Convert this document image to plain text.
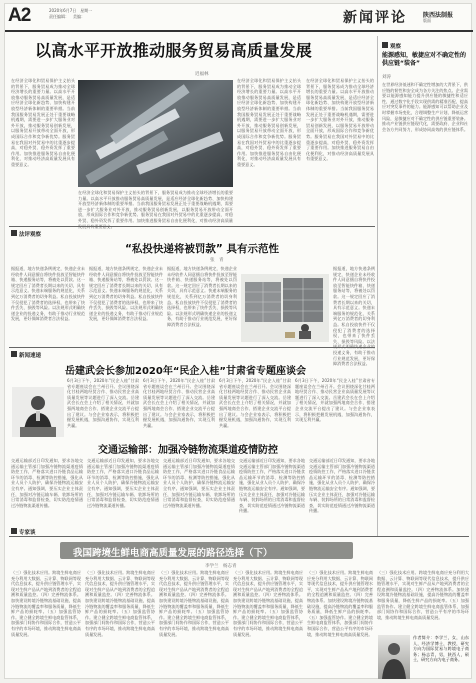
A2	2020年6月7日　星期一
责任编辑：　美编：	新闻评论	陕西法制报
版面
以高水平开放推动服务贸易高质量发展
迟福林
在经济全球化和贸易保护主义抬头的背景下，服务贸易成为推动全球经济增长的重要力量。以高水平开放推动服务贸易高质量发展，是适应经济全球化新趋势、加快构建开放型经济新体制的重要举措。当前我国服务贸易发展正处于重要战略机遇期，需要进一步扩大服务业对外开放，推动服务贸易创新发展，以服务贸易开放带动全面开放，形成国际合作和竞争新优势。服务贸易在我国对外贸易中的比重逐步提高，对稳外贸、稳外资发挥了重要作用。加快推进服务贸易自由化便利化，对推动经济高质量发展具有重要意义。
在经济全球化和贸易保护主义抬头的背景下，服务贸易成为推动全球经济增长的重要力量。以高水平开放推动服务贸易高质量发展，是适应经济全球化新趋势、加快构建开放型经济新体制的重要举措。当前我国服务贸易发展正处于重要战略机遇期，需要进一步扩大服务业对外开放，推动服务贸易创新发展，以服务贸易开放带动全面开放，形成国际合作和竞争新优势。服务贸易在我国对外贸易中的比重逐步提高，对稳外贸、稳外资发挥了重要作用。加快推进服务贸易自由化便利化，对推动经济高质量
在经济全球化和贸易保护主义抬头的背景下，服务贸易成为推动全球经济增长的重要力量。以高水平开放推动服务贸易高质量发展，是适应经济全球化新趋势、加快构建开放型经济新体制的重要举措。当前我国服务贸易发展正处于重要战略机遇期，需要进一步扩大服务业对外开放，推动服务贸易创新发展，以服务贸易开放带动全面开放，形成国际合作和竞争新优势。服务贸易在我国对外贸易中的比重逐步提高，对稳外贸、稳外资发挥了重要作用。加快推进服务贸易自由化便利化，对推动经济高质量发展具有重要意义。
在经济全球化和贸易保护主义抬头的背景下，服务贸易成为推动全球经济增长的重要力量。以高水平开放推动服务贸易高质量发展，是适应经济全球化新趋势、加快构建开放型经济新体制的重要举措。当前我国服务贸易发展正处于重要战略机遇期，需要进一步扩大服务业对外开放，推动服务贸易创新发展，以服务贸易开放带动全面开放，形成国际合作和竞争新优势。服务贸易在我国对外贸易中的比重逐步提高，对稳外贸、稳外资发挥了重要作用。加快推进服务贸易自由化便利化，对推动经济高质量发展具有重要意义。
观察
能源感知，敏捷应对不确定性的供应链“装备”
刘涛
在世界经济低迷和不确定性增加的大背景下，供应链的韧性和安全成为各方关注的焦点。企业需要以能源感知能力提升供应链的敏捷性和适应性，通过数字化手段实现供需的精准匹配，提高应对突发事件的能力。能源感知可以帮助企业及时掌握市场变化，合理调整生产计划，降低运营风险，是敏捷应对不确定性的供应链重要装备。推动产业链供应链现代化，需要政府、企业和社会各方共同努力，形成协同高效的供应链体系。
法评观察
“私投快递将被罚款” 具有示范性
张　青
据报道，地方快递条例规定，快递企业未经收件人同意擅自将快件投放至智能快件箱、快递服务站等，将被处以罚款。这一规定回应了消费者长期以来的关切，具有示范意义。快递末端服务的规范化，关系到亿万消费者的切身利益。私自投放快件不仅侵犯了消费者的选择权，也带来了快件丢失、损毁等风险。以法规形式明确快递企业的投递义务，有助于推动行业规范发展，更好保障消费者合法权益。
据报道，地方快递条例规定，快递企业未经收件人同意擅自将快件投放至智能快件箱、快递服务站等，将被处以罚款。这一规定回应了消费者长期以来的关切，具有示范意义。快递末端服务的规范化，关系到亿万消费者的切身利益。私自投放快件不仅侵犯了消费者的选择权，也带来了快件丢失、损毁等风险。以法规形式明确快递企业的投递义务，有助于推动行业规范发展，更好保障消费者合法权益。
据报道，地方快递条例规定，快递企业未经收件人同意擅自将快件投放至智能快件箱、快递服务站等，将被处以罚款。这一规定回应了消费者长期以来的关切，具有示范意义。快递末端服务的规范化，关系到亿万消费者的切身利益。私自投放快件不仅侵犯了消费者的选择权，也带来了快件丢失、损毁等风险。以法规形式明确快递企业的投递义务，有助于推动行业规范发展，更好保障消费者合法权益。
据报道，地方快递条例规定，快递企业未经收件人同意擅自将快件投放至智能快件箱、快递服务站等，将被处以罚款。这一规定回应了消费者长期以来的关切，具有示范意义。快递末端服务的规范化，关系到亿万消费者的切身利益。私自投放快件不仅侵犯了消费者的选择权，也带来了快件丢失、损毁等风险。以法 投递义务，有助于推动行业规范发展，更好保障消费者合法权益。
新闻速递
岳建武会长参加2020年“民企入桂”甘肃省专题座谈会
6月3日下午，2020年“民企入桂”甘肃省专题座谈会在兰州召开。会议围绕深化甘桂两地经贸合作、推动民营企业高质量发展等议题进行了深入交流。岳建武会长在会上介绍了相关情况，并就加强两地商会合作、搭建企业交流平台提出了建议。与会企业家表示，将积极把握发展机遇，加强沟通协作，实现互利共赢。
6月3日下午，2020年“民企入桂”甘肃省专题座谈会在兰州召开。会议围绕深化甘桂两地经贸合作、推动民营企业高质量发展等议题进行了深入交流。岳建武会长在会上介绍了相关情况，并就加强两地商会合作、搭建企业交流平台提出了建议。与会企业家表示，将积极把握发展机遇，加强沟通协作，实现互利共赢。
6月3日下午，2020年“民企入桂”甘肃省专题座谈会在兰州召开。会议围绕深化甘桂两地经贸合作、推动民营企业高质量发展等议题进行了深入交流。岳建武会长在会上介绍了相关情况，并就加强两地商会合作、搭建企业交流平台提出了建议。与会企业家表示，将积极把握发展机遇，加强沟通协作，实现互利共赢。
6月3日下午，2020年“民企入桂”甘肃省专题座谈会在兰州召开。会议围绕深化甘桂两地经贸合作、推动民营企业高质量发展等议题进行了深入交流。岳建武会长在会上介绍了相关情况，并就加强两地商会合作、搭建企业交流平台提出了建议。与会企业家表示，将积极把握发展机遇，加强沟通协作，实现互利共赢。
交通运输部：加强冷链物流渠道疫情防控
交通运输部近日印发通知，要求各地交通运输主管部门加强冷链物流渠道疫情防控工作，严格落实进口冷链食品运输环节的消毒、检测等防控措施，强化从业人员个人防护，确保冷链物流运输安全有序。通知强调，要压实企业主体责任，加强对冷链运输车辆、装卸场所的日常消毒和监督检查，切实防范疫情通过冷链物流渠道传播。
交通运输部近日印发通知，要求各地交通运输主管部门加强冷链物流渠道疫情防控工作，严格落实进口冷链食品运输环节的消毒、检测等防控措施，强化从业人员个人防护，确保冷链物流运输安全有序。通知强调，要压实企业主体责任，加强对冷链运输车辆、装卸场所的日常消毒和监督检查，切实防范疫情通过冷链物流渠道传播。
交通运输部近日印发通知，要求各地交通运输主管部门加强冷链物流渠道疫情防控工作，严格落实进口冷链食品运输环节的消毒、检测等防控措施，强化从业人员个人防护，确保冷链物流运输安全有序。通知强调，要压实企业主体责任，加强对冷链运输车辆、装卸场所的日常消毒和监督检查，切实防范疫情通过冷链物流渠道传播。
交通运输部近日印发通知，要求各地交通运输主管部门加强冷链物流渠道疫情防控工作，严格落实进口冷链食品运输环节的消毒、检测等防控措施，强化从业人员个人防护，确保冷链物流运输安全有序。通知强调，要压实企业主体责任，加强对冷链运输车辆、装卸场所的日常消毒和监督检查，切实防范疫情通过冷链物流渠道传播。
交通运输部近日印发通知，要求各地交通运输主管部门加强冷链物流渠道疫情防控工作，严格落实进口冷链食品运输环节的消毒、检测等防控措施，强化从业人员个人防护，确保冷链物流运输安全有序。通知强调，要压实企业主体责任，加强对冷链运输车辆、装卸场所的日常消毒和监督检查，切实防范疫情通过冷链物流渠道传播。
专家谈
我国跨境生鲜电商高质量发展的路径选择（下）
李学兰　杨志青
（三）强化技术应用。跨境生鲜电商应充分利用大数据、云计算、物联网等现代信息技术，提升供应链管理水平，实现对生鲜产品从产地到消费者的全程追溯和质量监控。（四）完善物流体系。加快建设跨境冷链物流基础设施，提高冷链物流的覆盖率和服务质量，降低生鲜产品的损耗率。（五）加强监管协作。建立健全跨境生鲜电商监管体系，加强部门间协作和国际合作，营造公平有序的市场环境，推动跨境生鲜电商高质量发展。
（三）强化技术应用。跨境生鲜电商应充分利用大数据、云计算、物联网等现代信息技术，提升供应链管理水平，实现对生鲜产品从产地到消费者的全程追溯和质量监控。（四）完善物流体系。加快建设跨境冷链物流基础设施，提高冷链物流的覆盖率和服务质量，降低生鲜产品的损耗率。（五）加强监管协作。建立健全跨境生鲜电商监管体系，加强部门间协作和国际合作，营造公平有序的市场环境，推动跨境生鲜电商高质量发展。
（三）强化技术应用。跨境生鲜电商应充分利用大数据、云计算、物联网等现代信息技术，提升供应链管理水平，实现对生鲜产品从产地到消费者的全程追溯和质量监控。（四）完善物流体系。加快建设跨境冷链物流基础设施，提高冷链物流的覆盖率和服务质量，降低生鲜产品的损耗率。（五）加强监管协作。建立健全跨境生鲜电商监管体系，加强部门间协作和国际合作，营造公平有序的市场环境，推动跨境生鲜电商高质量发展。
（三）强化技术应用。跨境生鲜电商应充分利用大数据、云计算、物联网等现代信息技术，提升供应链管理水平，实现对生鲜产品从产地到消费者的全程追溯和质量监控。（四）完善物流体系。加快建设跨境冷链物流基础设施，提高冷链物流的覆盖率和服务质量，降低生鲜产品的损耗率。（五）加强监管协作。建立健全跨境生鲜电商监管体系，加强部门间协作和国际合作，营造公平有序的市场环境，推动跨境生鲜电商高质量发展。
（三）强化技术应用。跨境生鲜电商应充分利用大数据、云计算、物联网等现代信息技术，提升供应链管理水平，实现对生鲜产品从产地到消费者的全程追溯和质量监控。（四）完善物流体系。加快建设跨境冷链物流基础设施，提高冷链物流的覆盖率和服务质量，降低生鲜产品的损耗率。（五）加强监管协作。建立健全跨境生鲜电商监管体系，加强部门间协作和国际合作，营造公平有序的市场环境，推动跨境生鲜电商高质量发展。
（三）强化技术应用。跨境生鲜电商应充分利用大数据、云计算、物联网等现代信息技术，提升供应链管理水平，实现对生鲜产品从产地到消费者的全程追溯和质量监控。（四）完善物流体系。加快建设跨境冷链物流基础设施，提高冷链物流的覆盖率和服务质量，降低生鲜产品的损耗率。（五）加强监管协作。建立健全跨境生鲜电商监管体系，加强部门间协作和国际合作，营造公平有序的市场环境，推动跨境生鲜电商高质量发展。
作者简介：李学兰，女，山东人，经济学博士，教授，研究方向为国际贸易与跨境电子商务；杨志青，男，陕西人，硕士，研究方向为电子商务。
